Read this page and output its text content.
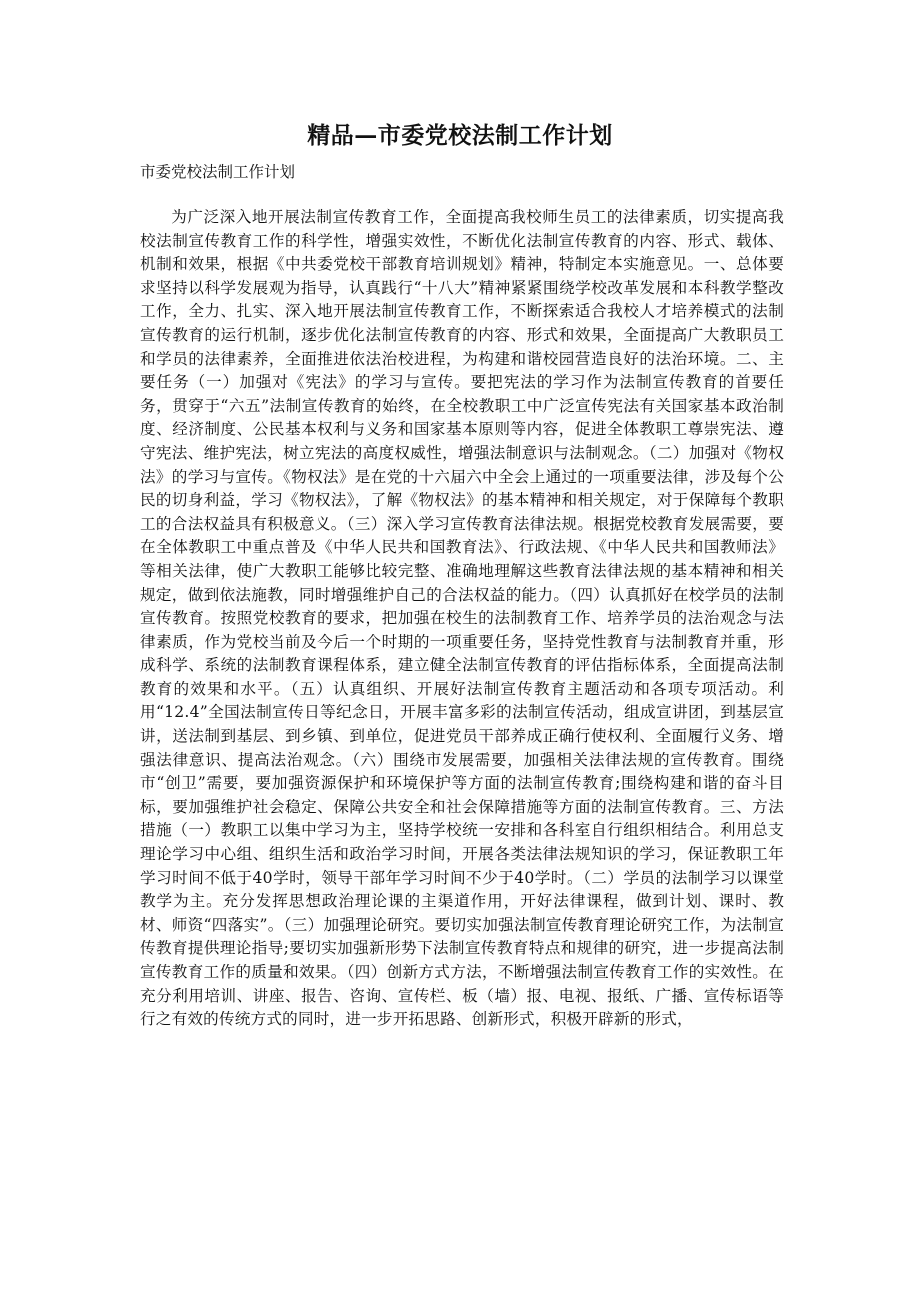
精品—市委党校法制工作计划

市委党校法制工作计划

为广泛深入地开展法制宣传教育工作，全面提高我校师生员工的法律素质，切实提高我校法制宣传教育工作的科学性，增强实效性，不断优化法制宣传教育的内容、形式、载体、机制和效果，根据《中共委党校干部教育培训规划》精神，特制定本实施意见。一、总体要求坚持以科学发展观为指导，认真践行“十八大”精神紧紧围绕学校改革发展和本科教学整改工作，全力、扎实、深入地开展法制宣传教育工作，不断探索适合我校人才培养模式的法制宣传教育的运行机制，逐步优化法制宣传教育的内容、形式和效果，全面提高广大教职员工和学员的法律素养，全面推进依法治校进程，为构建和谐校园营造良好的法治环境。二、主要任务（一）加强对《宪法》的学习与宣传。要把宪法的学习作为法制宣传教育的首要任务，贯穿于“六五”法制宣传教育的始终，在全校教职工中广泛宣传宪法有关国家基本政治制度、经济制度、公民基本权利与义务和国家基本原则等内容，促进全体教职工尊崇宪法、遵守宪法、维护宪法，树立宪法的高度权威性，增强法制意识与法制观念。（二）加强对《物权法》的学习与宣传。《物权法》是在党的十六届六中全会上通过的一项重要法律，涉及每个公民的切身利益，学习《物权法》，了解《物权法》的基本精神和相关规定，对于保障每个教职工的合法权益具有积极意义。（三）深入学习宣传教育法律法规。根据党校教育发展需要，要在全体教职工中重点普及《中华人民共和国教育法》、行政法规、《中华人民共和国教师法》等相关法律，使广大教职工能够比较完整、准确地理解这些教育法律法规的基本精神和相关规定，做到依法施教，同时增强维护自己的合法权益的能力。（四）认真抓好在校学员的法制宣传教育。按照党校教育的要求，把加强在校生的法制教育工作、培养学员的法治观念与法律素质，作为党校当前及今后一个时期的一项重要任务，坚持党性教育与法制教育并重，形成科学、系统的法制教育课程体系，建立健全法制宣传教育的评估指标体系，全面提高法制教育的效果和水平。（五）认真组织、开展好法制宣传教育主题活动和各项专项活动。利用“12.4”全国法制宣传日等纪念日，开展丰富多彩的法制宣传活动，组成宣讲团，到基层宣讲，送法制到基层、到乡镇、到单位，促进党员干部养成正确行使权利、全面履行义务、增强法律意识、提高法治观念。（六）围绕市发展需要，加强相关法律法规的宣传教育。围绕市“创卫”需要，要加强资源保护和环境保护等方面的法制宣传教育;围绕构建和谐的奋斗目标，要加强维护社会稳定、保障公共安全和社会保障措施等方面的法制宣传教育。三、方法措施（一）教职工以集中学习为主，坚持学校统一安排和各科室自行组织相结合。利用总支理论学习中心组、组织生活和政治学习时间，开展各类法律法规知识的学习，保证教职工年学习时间不低于40学时，领导干部年学习时间不少于40学时。（二）学员的法制学习以课堂教学为主。充分发挥思想政治理论课的主渠道作用，开好法律课程，做到计划、课时、教材、师资“四落实”。（三）加强理论研究。要切实加强法制宣传教育理论研究工作，为法制宣传教育提供理论指导;要切实加强新形势下法制宣传教育特点和规律的研究，进一步提高法制宣传教育工作的质量和效果。（四）创新方式方法，不断增强法制宣传教育工作的实效性。在充分利用培训、讲座、报告、咨询、宣传栏、板（墙）报、电视、报纸、广播、宣传标语等行之有效的传统方式的同时，进一步开拓思路、创新形式，积极开辟新的形式，
